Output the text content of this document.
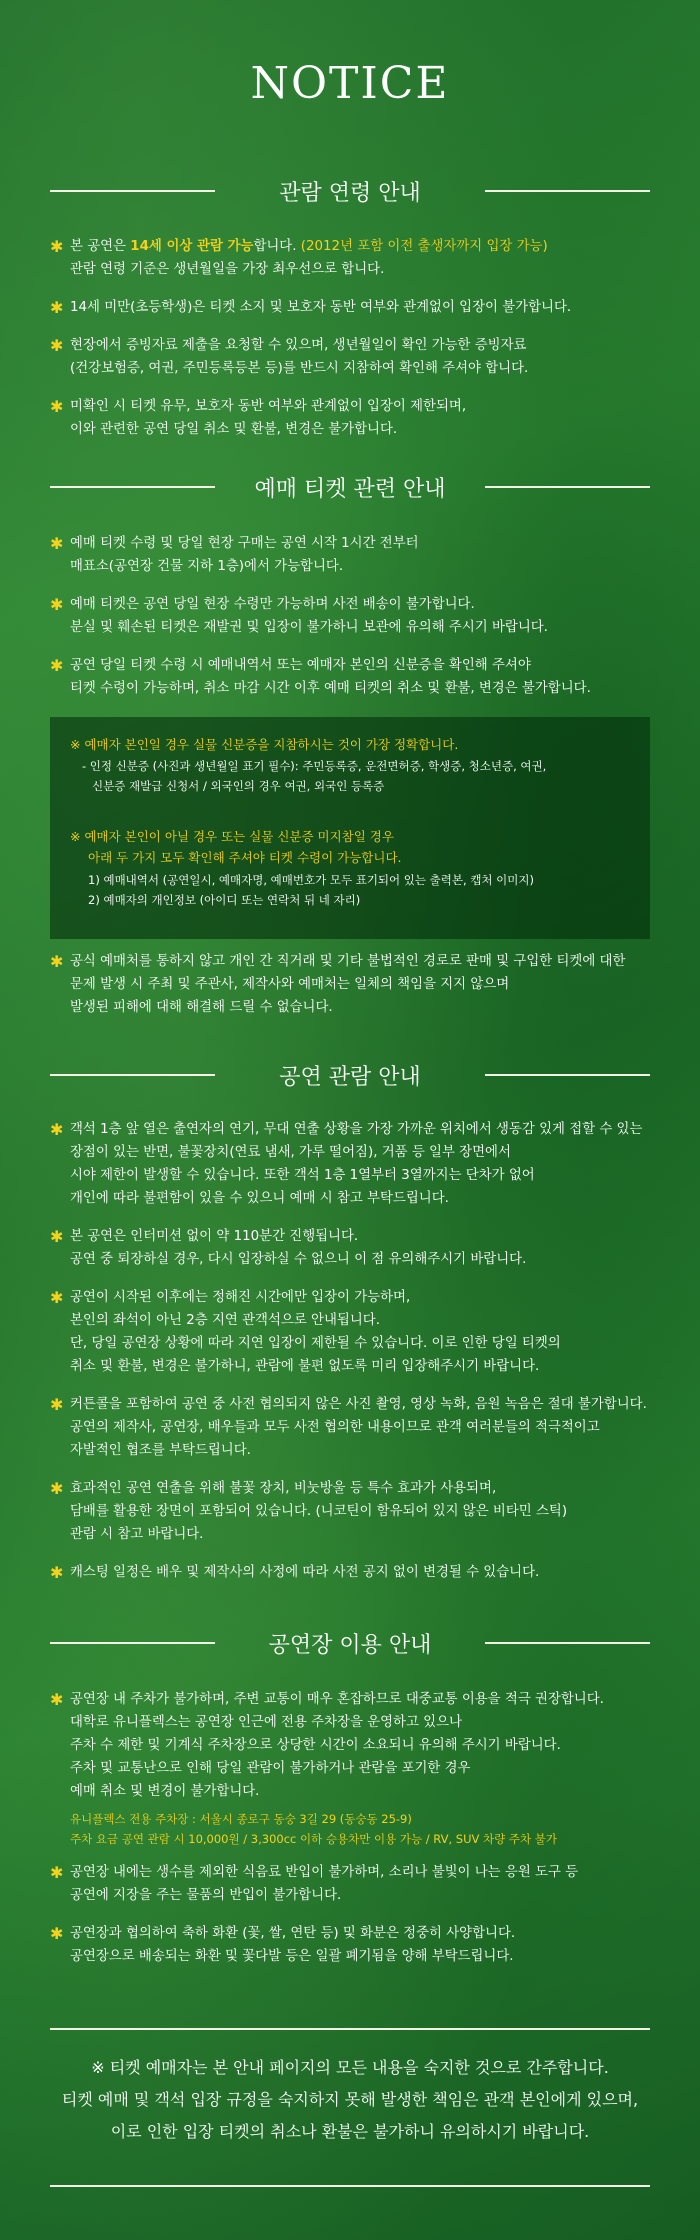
NOTICE
관람 연령 안내
✱ 본 공연은 14세 이상 관람 가능합니다. (2012년 포함 이전 출생자까지 입장 가능)
관람 연령 기준은 생년월일을 가장 최우선으로 합니다.
✱ 14세 미만(초등학생)은 티켓 소지 및 보호자 동반 여부와 관계없이 입장이 불가합니다.
✱ 현장에서 증빙자료 제출을 요청할 수 있으며, 생년월일이 확인 가능한 증빙자료
(건강보험증, 여권, 주민등록등본 등)를 반드시 지참하여 확인해 주셔야 합니다.
✱ 미확인 시 티켓 유무, 보호자 동반 여부와 관계없이 입장이 제한되며,
이와 관련한 공연 당일 취소 및 환불, 변경은 불가합니다.
예매 티켓 관련 안내
✱ 예매 티켓 수령 및 당일 현장 구매는 공연 시작 1시간 전부터
매표소(공연장 건물 지하 1층)에서 가능합니다.
✱ 예매 티켓은 공연 당일 현장 수령만 가능하며 사전 배송이 불가합니다.
분실 및 훼손된 티켓은 재발권 및 입장이 불가하니 보관에 유의해 주시기 바랍니다.
✱ 공연 당일 티켓 수령 시 예매내역서 또는 예매자 본인의 신분증을 확인해 주셔야
티켓 수령이 가능하며, 취소 마감 시간 이후 예매 티켓의 취소 및 환불, 변경은 불가합니다.
※ 예매자 본인일 경우 실물 신분증을 지참하시는 것이 가장 정확합니다.
- 인정 신분증 (사진과 생년월일 표기 필수): 주민등록증, 운전면허증, 학생증, 청소년증, 여권,
신분증 재발급 신청서 / 외국인의 경우 여권, 외국인 등록증
※ 예매자 본인이 아닐 경우 또는 실물 신분증 미지참일 경우
아래 두 가지 모두 확인해 주셔야 티켓 수령이 가능합니다.
1) 예매내역서 (공연일시, 예매자명, 예매번호가 모두 표기되어 있는 출력본, 캡처 이미지)
2) 예매자의 개인정보 (아이디 또는 연락처 뒤 네 자리)
✱ 공식 예매처를 통하지 않고 개인 간 직거래 및 기타 불법적인 경로로 판매 및 구입한 티켓에 대한
문제 발생 시 주최 및 주관사, 제작사와 예매처는 일체의 책임을 지지 않으며
발생된 피해에 대해 해결해 드릴 수 없습니다.
공연 관람 안내
✱ 객석 1층 앞 열은 출연자의 연기, 무대 연출 상황을 가장 가까운 위치에서 생동감 있게 접할 수 있는
장점이 있는 반면, 불꽃장치(연료 냄새, 가루 떨어짐), 거품 등 일부 장면에서
시야 제한이 발생할 수 있습니다. 또한 객석 1층 1열부터 3열까지는 단차가 없어
개인에 따라 불편함이 있을 수 있으니 예매 시 참고 부탁드립니다.
✱ 본 공연은 인터미션 없이 약 110분간 진행됩니다.
공연 중 퇴장하실 경우, 다시 입장하실 수 없으니 이 점 유의해주시기 바랍니다.
✱ 공연이 시작된 이후에는 정해진 시간에만 입장이 가능하며,
본인의 좌석이 아닌 2층 지연 관객석으로 안내됩니다.
단, 당일 공연장 상황에 따라 지연 입장이 제한될 수 있습니다. 이로 인한 당일 티켓의
취소 및 환불, 변경은 불가하니, 관람에 불편 없도록 미리 입장해주시기 바랍니다.
✱ 커튼콜을 포함하여 공연 중 사전 협의되지 않은 사진 촬영, 영상 녹화, 음원 녹음은 절대 불가합니다.
공연의 제작사, 공연장, 배우들과 모두 사전 협의한 내용이므로 관객 여러분들의 적극적이고
자발적인 협조를 부탁드립니다.
✱ 효과적인 공연 연출을 위해 불꽃 장치, 비눗방울 등 특수 효과가 사용되며,
담배를 활용한 장면이 포함되어 있습니다. (니코틴이 함유되어 있지 않은 비타민 스틱)
관람 시 참고 바랍니다.
✱ 캐스팅 일정은 배우 및 제작사의 사정에 따라 사전 공지 없이 변경될 수 있습니다.
공연장 이용 안내
✱ 공연장 내 주차가 불가하며, 주변 교통이 매우 혼잡하므로 대중교통 이용을 적극 권장합니다.
대학로 유니플렉스는 공연장 인근에 전용 주차장을 운영하고 있으나
주차 수 제한 및 기계식 주차장으로 상당한 시간이 소요되니 유의해 주시기 바랍니다.
주차 및 교통난으로 인해 당일 관람이 불가하거나 관람을 포기한 경우
예매 취소 및 변경이 불가합니다.
유니플렉스 전용 주차장 : 서울시 종로구 동숭 3길 29 (동숭동 25-9)
주차 요금 공연 관람 시 10,000원 / 3,300cc 이하 승용차만 이용 가능 / RV, SUV 차량 주차 불가
✱ 공연장 내에는 생수를 제외한 식음료 반입이 불가하며, 소리나 불빛이 나는 응원 도구 등
공연에 지장을 주는 물품의 반입이 불가합니다.
✱ 공연장과 협의하여 축하 화환 (꽃, 쌀, 연탄 등) 및 화분은 정중히 사양합니다.
공연장으로 배송되는 화환 및 꽃다발 등은 일괄 폐기됨을 양해 부탁드립니다.
※ 티켓 예매자는 본 안내 페이지의 모든 내용을 숙지한 것으로 간주합니다.
티켓 예매 및 객석 입장 규정을 숙지하지 못해 발생한 책임은 관객 본인에게 있으며,
이로 인한 입장 티켓의 취소나 환불은 불가하니 유의하시기 바랍니다.
